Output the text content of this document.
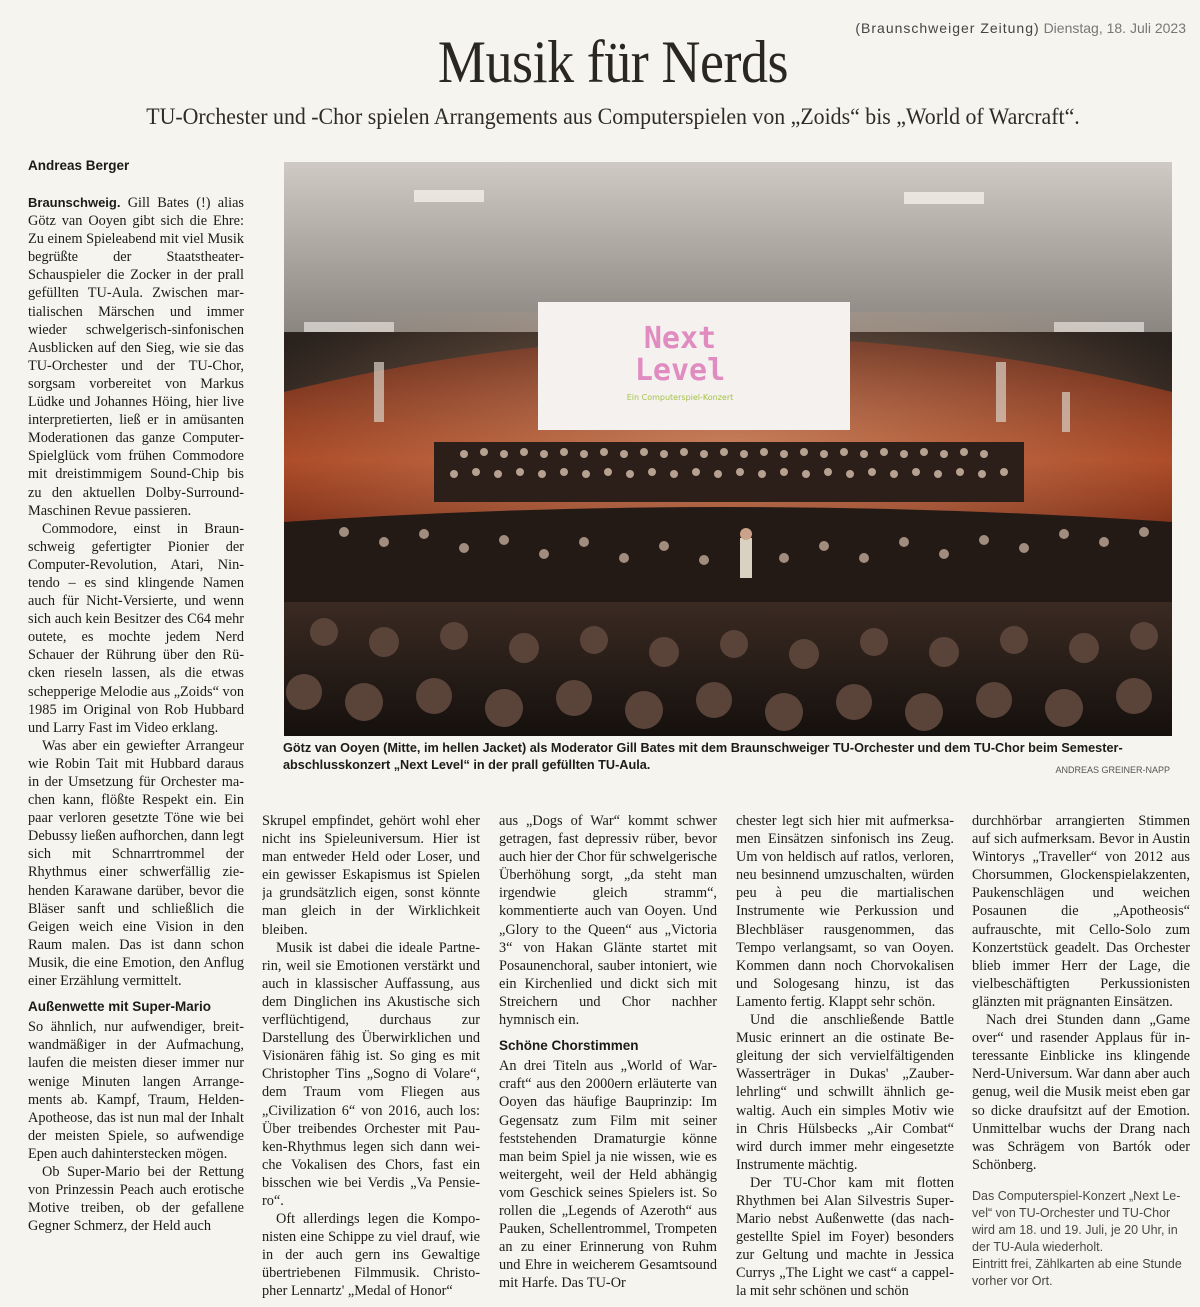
(Braunschweiger Zeitung) Dienstag, 18. Juli 2023
Musik für Nerds
TU-Orchester und -Chor spielen Arrangements aus Computerspielen von „Zoids“ bis „World of Warcraft“.
Andreas Berger

Braunschweig. Gill Bates (!) alias Götz van Ooyen gibt sich die Ehre: Zu einem Spieleabend mit viel Musik begrüßte der Staatstheater-Schauspieler die Zocker in der prall gefüllten TU-Aula. Zwischen martialischen Märschen und immer wieder schwelgerisch-sinfonischen Ausblicken auf den Sieg, wie sie das TU-Orchester und der TU-Chor, sorgsam vorbereitet von Markus Lüdke und Johannes Höing, hier live interpretierten, ließ er in amüsanten Moderationen das ganze Computer-Spielglück vom frühen Commodore mit dreistimmigem Sound-Chip bis zu den aktuellen Dolby-Surround-Maschinen Revue passieren.

Commodore, einst in Braunschweig gefertigter Pionier der Computer-Revolution, Atari, Nintendo – es sind klingende Namen auch für Nicht-Versierte, und wenn sich auch kein Besitzer des C64 mehr outete, es mochte jedem Nerd Schauer der Rührung über den Rücken rieseln lassen, als die etwas schepperige Melodie aus „Zoids“ von 1985 im Original von Rob Hubbard und Larry Fast im Video erklang.

Was aber ein gewiefter Arrangeur wie Robin Tait mit Hubbard daraus in der Umsetzung für Orchester machen kann, flößte Respekt ein. Ein paar verloren gesetzte Töne wie bei Debussy ließen aufhorchen, dann legt sich mit Schnarrtrommel der Rhythmus einer schwerfällig ziehenden Karawane darüber, bevor die Bläser sanft und schließlich die Geigen weich eine Vision in den Raum malen. Das ist dann schon Musik, die eine Emotion, den Anflug einer Erzählung vermittelt.

Außenwette mit Super-Mario

So ähnlich, nur aufwendiger, breitwandmäßiger in der Aufmachung, laufen die meisten dieser immer nur wenige Minuten langen Arrangements ab. Kampf, Traum, Helden-Apotheose, das ist nun mal der Inhalt der meisten Spiele, so aufwendige Epen auch dahinterstecken mögen.

Ob Super-Mario bei der Rettung von Prinzessin Peach auch erotische Motive treiben, ob der gefallene Gegner Schmerz, der Held auch

Next
Level
Ein Computerspiel-Konzert
Götz van Ooyen (Mitte, im hellen Jacket) als Moderator Gill Bates mit dem Braunschweiger TU-Orchester und dem TU-Chor beim Semesterabschlusskonzert „Next Level“ in der prall gefüllten TU-Aula.	ANDREAS GREINER-NAPP

Skrupel empfindet, gehört wohl eher nicht ins Spieleuniversum. Hier ist man entweder Held oder Loser, und ein gewisser Eskapismus ist Spielen ja grundsätzlich eigen, sonst könnte man gleich in der Wirklichkeit bleiben.

Musik ist dabei die ideale Partnerin, weil sie Emotionen verstärkt und auch in klassischer Auffassung, aus dem Dinglichen ins Akustische sich verflüchtigend, durchaus zur Darstellung des Überwirklichen und Visionären fähig ist. So ging es mit Christopher Tins „Sogno di Volare“, dem Traum vom Fliegen aus „Civilization 6“ von 2016, auch los: Über treibendes Orchester mit Pauken-Rhythmus legen sich dann weiche Vokalisen des Chors, fast ein bisschen wie bei Verdis „Va Pensiero“.

Oft allerdings legen die Komponisten eine Schippe zu viel drauf, wie in der auch gern ins Gewaltige übertriebenen Filmmusik. Christopher Lennartz' „Medal of Honor“

aus „Dogs of War“ kommt schwer getragen, fast depressiv rüber, bevor auch hier der Chor für schwelgerische Überhöhung sorgt, „da steht man irgendwie gleich stramm“, kommentierte auch van Ooyen. Und „Glory to the Queen“ aus „Victoria 3“ von Hakan Glänte startet mit Posaunenchoral, sauber intoniert, wie ein Kirchenlied und dickt sich mit Streichern und Chor nachher hymnisch ein.

Schöne Chorstimmen

An drei Titeln aus „World of Warcraft“ aus den 2000ern erläuterte van Ooyen das häufige Bauprinzip: Im Gegensatz zum Film mit seiner feststehenden Dramaturgie könne man beim Spiel ja nie wissen, wie es weitergeht, weil der Held abhängig vom Geschick seines Spielers ist. So rollen die „Legends of Azeroth“ aus Pauken, Schellentrommel, Trompeten an zu einer Erinnerung von Ruhm und Ehre in weicherem Gesamtsound mit Harfe. Das TU-Or

chester legt sich hier mit aufmerksamen Einsätzen sinfonisch ins Zeug. Um von heldisch auf ratlos, verloren, neu besinnend umzuschalten, würden peu à peu die martialischen Instrumente wie Perkussion und Blechbläser rausgenommen, das Tempo verlangsamt, so van Ooyen. Kommen dann noch Chorvokalisen und Sologesang hinzu, ist das Lamento fertig. Klappt sehr schön.

Und die anschließende Battle Music erinnert an die ostinate Begleitung der sich vervielfältigenden Wasserträger in Dukas' „Zauberlehrling“ und schwillt ähnlich gewaltig. Auch ein simples Motiv wie in Chris Hülsbecks „Air Combat“ wird durch immer mehr eingesetzte Instrumente mächtig.

Der TU-Chor kam mit flotten Rhythmen bei Alan Silvestris Super-Mario nebst Außenwette (das nachgestellte Spiel im Foyer) besonders zur Geltung und machte in Jessica Currys „The Light we cast“ a cappella mit sehr schönen und schön

durchhörbar arrangierten Stimmen auf sich aufmerksam. Bevor in Austin Wintorys „Traveller“ von 2012 aus Chorsummen, Glockenspielakzenten, Paukenschlägen und weichen Posaunen die „Apotheosis“ aufrauschte, mit Cello-Solo zum Konzertstück geadelt. Das Orchester blieb immer Herr der Lage, die vielbeschäftigten Perkussionisten glänzten mit prägnanten Einsätzen.

Nach drei Stunden dann „Game over“ und rasender Applaus für interessante Einblicke ins klingende Nerd-Universum. War dann aber auch genug, weil die Musik meist eben gar so dicke draufsitzt auf der Emotion. Unmittelbar wuchs der Drang nach was Schrägem von Bartók oder Schönberg.

Das Computerspiel-Konzert „Next Level“ von TU-Orchester und TU-Chor wird am 18. und 19. Juli, je 20 Uhr, in der TU-Aula wiederholt.
Eintritt frei, Zählkarten ab eine Stunde vorher vor Ort.
